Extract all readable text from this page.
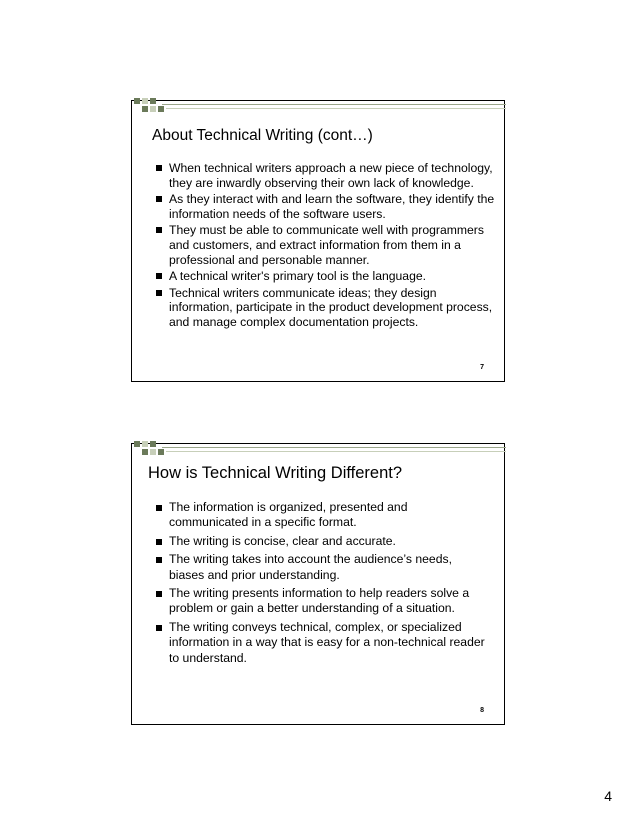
About Technical Writing (cont…)
When technical writers approach a new piece of technology, they are inwardly observing their own lack of knowledge.
As they interact with and learn the software, they identify the information needs of the software users.
They must be able to communicate well with programmers and customers, and extract information from them in a professional and personable manner.
A technical writer's primary tool is the language.
Technical writers communicate ideas; they design information, participate in the product development process, and manage complex documentation projects.
7
How is Technical Writing Different?
The information is organized, presented and communicated in a specific format.
The writing is concise, clear and accurate.
The writing takes into account the audience’s needs, biases and prior understanding.
The writing presents information to help readers solve a problem or gain a better understanding of a situation.
The writing conveys technical, complex, or specialized information in a way that is easy for a non-technical reader to understand.
8
4
